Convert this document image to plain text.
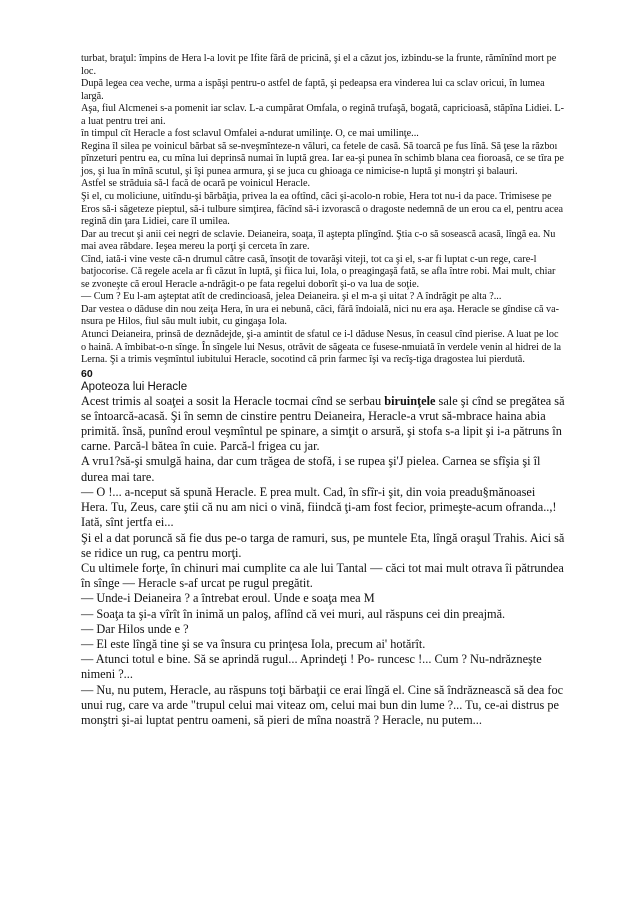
turbat, braţul: împins de Hera l-a lovit pe Ifite fără de pricină, şi el a căzut jos, izbindu-se la frunte, rămînînd mort pe loc.

După legea cea veche, urma a ispăşi pentru-o astfel de faptă, şi pedeapsa era vinderea lui ca sclav oricui, în lumea largă.

Aşa, fiul Alcmenei s-a pomenit iar sclav. L-a cumpărat Omfala, o regină trufaşă, bogată, capricioasă, stăpîna Lidiei. L-a luat pentru trei ani.

în timpul cît Heracle a fost sclavul Omfalei a-ndurat umilinţe. O, ce mai umilinţe...

Regina îl silea pe voinicul bărbat să se-nveşmînteze-n văluri, ca fetele de casă. Să toarcă pe fus lînă. Să ţese la războı pînzeturi pentru ea, cu mîna lui deprinsă numai în luptă grea. Iar ea-şi punea în schimb blana cea fioroasă, ce se tîra pe jos, şi lua în mînă scutul, şi îşi punea armura, şi se juca cu ghioaga ce nimicise-n luptă şi monştri şi balauri.

Astfel se străduia să-l facă de ocară pe voinicul Heracle.

Şi el, cu moliciune, uitîndu-şi bărbăţia, privea la ea oftînd, căci şi-acolo-n robie, Hera tot nu-i da pace. Trimisese pe Eros să-i săgeteze pieptul, să-i tulbure simţirea, făcînd să-i izvorască o dragoste nedemnă de un erou ca el, pentru acea regină din ţara Lidiei, care îl umilea.

Dar au trecut şi anii cei negri de sclavie. Deianeira, soaţa, îl aştepta plîngînd. Ştia c-o să sosească acasă, lîngă ea. Nu mai avea răbdare. Ieşea mereu la porţi şi cerceta în zare.

Cînd, iată-i vine veste că-n drumul către casă, însoţit de tovarăşi viteji, tot ca şi el, s-ar fi luptat c-un rege, care-l batjocorise. Că regele acela ar fi căzut în luptă, şi fiica lui, Iola, o preagingaşă fată, se afla între robi. Mai mult, chiar se zvoneşte că eroul Heracle a-ndrăgit-o pe fata regelui doborît şi-o va lua de soţie.

— Cum ? Eu l-am aşteptat atît de credincioasă, jelea Deianeira. şi el m-a şi uitat ? A îndrăgit pe alta ?...

Dar vestea o dăduse din nou zeiţa Hera, în ura ei nebună, căci, fără îndoială, nici nu era aşa. Heracle se gîndise că va-nsura pe Hilos, fiul său mult iubit, cu gingaşa Iola.

Atunci Deianeira, prinsă de deznădejde, şi-a amintit de sfatul ce i-l dăduse Nesus, în ceasul cînd pierise. A luat pe loc o haină. A îmbibat-o-n sînge. În sîngele lui Nesus, otrăvit de săgeata ce fusese-nmuiată în verdele venin al hidrei de la Lerna. Şi a trimis veşmîntul iubitului Heracle, socotind că prin farmec îşi va recîş-tiga dragostea lui pierdută.

60
Apoteoza lui Heracle

Acest trimis al soaţei a sosit la Heracle tocmai cînd se serbau biruinţele sale şi cînd se pregătea să se întoarcă-acasă. Şi în semn de cinstire pentru Deianeira, Heracle-a vrut să-mbrace haina abia primită. însă, punînd eroul veşmîntul pe spinare, a simţit o arsură, şi stofa s-a lipit şi i-a pătruns în carne. Parcă-l bătea în cuie. Parcă-l frigea cu jar.

A vru1?să-şi smulgă haina, dar cum trăgea de stofă, i se rupea şi'J pielea. Carnea se sfîşia şi îl durea mai tare.

— O !... a-nceput să spună Heracle. E prea mult. Cad, în sfîr-i şit, din voia preadu§mănoasei Hera. Tu, Zeus, care ştii că nu am nici o vină, fiindcă ţi-am fost fecior, primeşte-acum ofranda..,! Iată, sînt jertfa ei...

Şi el a dat poruncă să fie dus pe-o targa de ramuri, sus, pe muntele Eta, lîngă oraşul Trahis. Aici să se ridice un rug, ca pentru morţi.

Cu ultimele forţe, în chinuri mai cumplite ca ale lui Tantal — căci tot mai mult otrava îi pătrundea în sînge — Heracle s-af urcat pe rugul pregătit.

— Unde-i Deianeira ? a întrebat eroul. Unde e soaţa mea M

— Soaţa ta şi-a vîrît în inimă un paloş, aflînd că vei muri, aul răspuns cei din preajmă.

— Dar Hilos unde e ?

— El este lîngă tine şi se va însura cu prinţesa Iola, precum ai' hotărît.

— Atunci totul e bine. Să se aprindă rugul... Aprindeţi ! Po- runcesc !... Cum ? Nu-ndrăzneşte nimeni ?...

— Nu, nu putem, Heracle, au răspuns toţi bărbaţii ce erai lîngă el. Cine să îndrăznească să dea foc unui rug, care va arde "trupul celui mai viteaz om, celui mai bun din lume ?... Tu, ce-ai distrus pe monştri şi-ai luptat pentru oameni, să pieri de mîna noastră ? Heracle, nu putem...
